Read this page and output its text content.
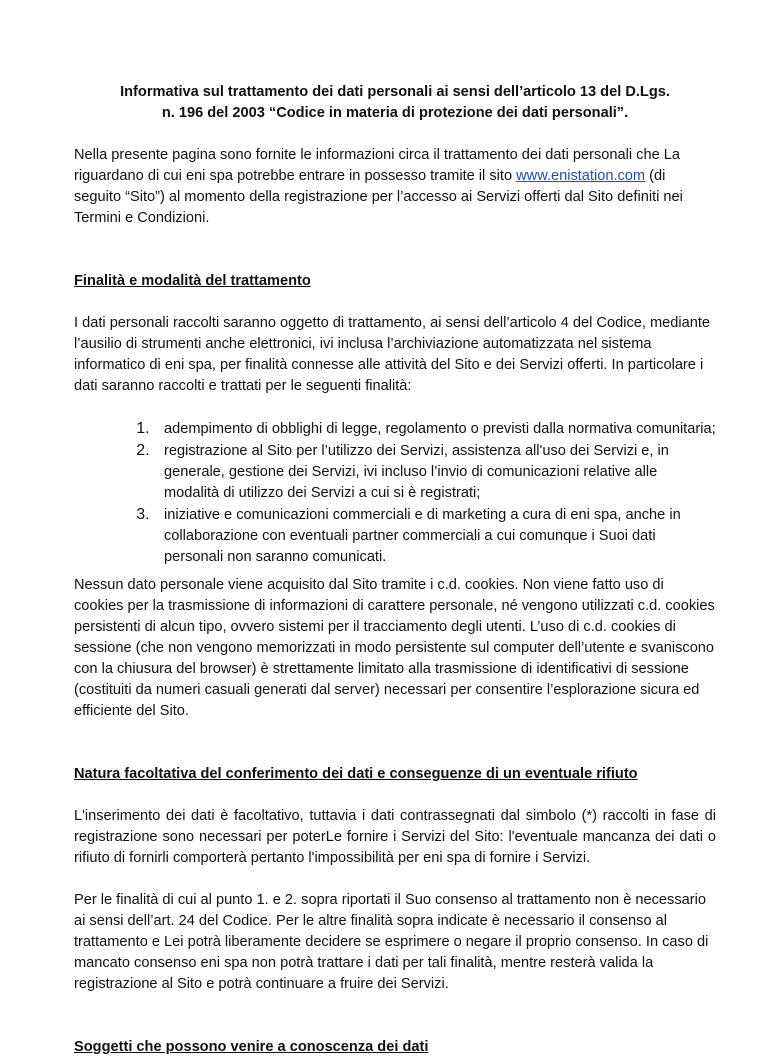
Informativa sul trattamento dei dati personali ai sensi dell’articolo 13 del D.Lgs.
n. 196 del 2003 “Codice in materia di protezione dei dati personali”.

Nella presente pagina sono fornite le informazioni circa il trattamento dei dati personali che La riguardano di cui eni spa potrebbe entrare in possesso tramite il sito www.enistation.com (di seguito “Sito”) al momento della registrazione per l’accesso ai Servizi offerti dal Sito definiti nei Termini e Condizioni.

Finalità e modalità del trattamento

I dati personali raccolti saranno oggetto di trattamento, ai sensi dell’articolo 4 del Codice, mediante l’ausilio di strumenti anche elettronici, ivi inclusa l’archiviazione automatizzata nel sistema informatico di eni spa, per finalità connesse alle attività del Sito e dei Servizi offerti. In particolare i dati saranno raccolti e trattati per le seguenti finalità:

1. adempimento di obblighi di legge, regolamento o previsti dalla normativa comunitaria;
2. registrazione al Sito per l’utilizzo dei Servizi, assistenza all'uso dei Servizi e, in generale, gestione dei Servizi, ivi incluso l’invio di comunicazioni relative alle modalità di utilizzo dei Servizi a cui si è registrati;
3. iniziative e comunicazioni commerciali e di marketing a cura di eni spa, anche in collaborazione con eventuali partner commerciali a cui comunque i Suoi dati personali non saranno comunicati.

Nessun dato personale viene acquisito dal Sito tramite i c.d. cookies. Non viene fatto uso di cookies per la trasmissione di informazioni di carattere personale, né vengono utilizzati c.d. cookies persistenti di alcun tipo, ovvero sistemi per il tracciamento degli utenti. L’uso di c.d. cookies di sessione (che non vengono memorizzati in modo persistente sul computer dell’utente e svaniscono con la chiusura del browser) è strettamente limitato alla trasmissione di identificativi di sessione (costituiti da numeri casuali generati dal server) necessari per consentire l’esplorazione sicura ed efficiente del Sito.

Natura facoltativa del conferimento dei dati e conseguenze di un eventuale rifiuto

L'inserimento dei dati è facoltativo, tuttavia i dati contrassegnati dal simbolo (*) raccolti in fase di registrazione sono necessari per poterLe fornire i Servizi del Sito: l'eventuale mancanza dei dati o rifiuto di fornirli comporterà pertanto l'impossibilità per eni spa di fornire i Servizi.

Per le finalità di cui al punto 1. e 2. sopra riportati il Suo consenso al trattamento non è necessario ai sensi dell’art. 24 del Codice. Per le altre finalità sopra indicate è necessario il consenso al trattamento e Lei potrà liberamente decidere se esprimere o negare il proprio consenso. In caso di mancato consenso eni spa non potrà trattare i dati per tali finalità, mentre resterà valida la registrazione al Sito e potrà continuare a fruire dei Servizi.

Soggetti che possono venire a conoscenza dei dati
